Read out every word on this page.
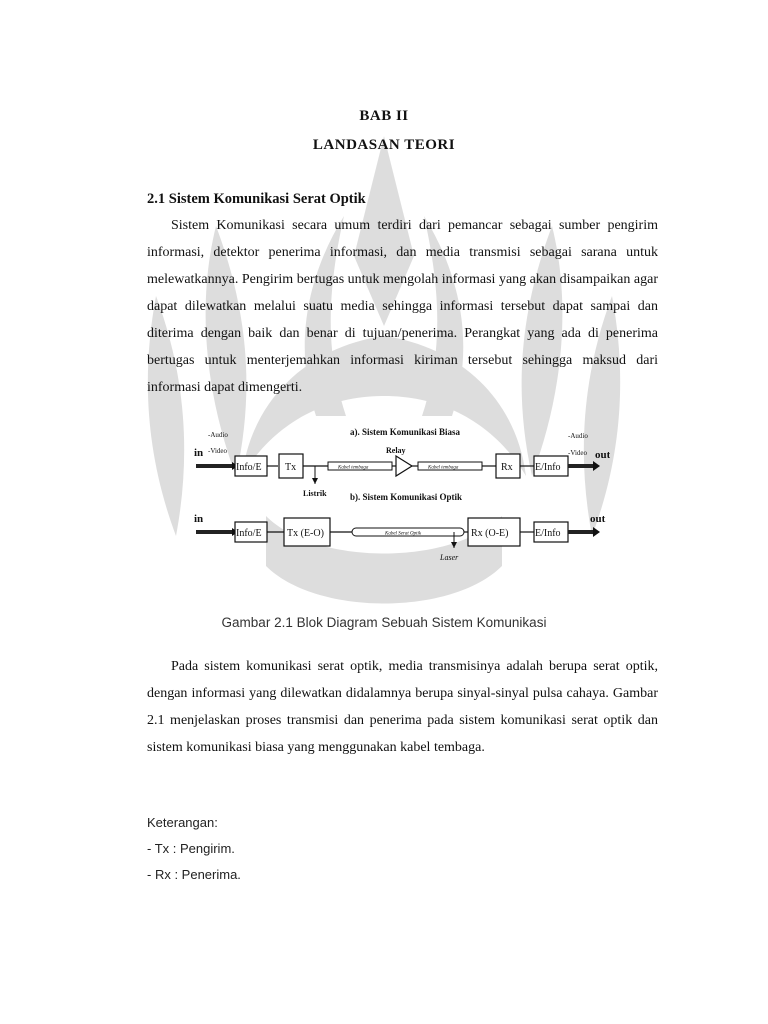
BAB II
LANDASAN TEORI
2.1 Sistem Komunikasi Serat Optik

Sistem Komunikasi secara umum terdiri dari pemancar sebagai sumber pengirim informasi, detektor penerima informasi, dan media transmisi sebagai sarana untuk melewatkannya. Pengirim bertugas untuk mengolah informasi yang akan disampaikan agar dapat dilewatkan melalui suatu media sehingga informasi tersebut dapat sampai dan diterima dengan baik dan benar di tujuan/penerima. Perangkat yang ada di penerima bertugas untuk menterjemahkan informasi kiriman tersebut sehingga maksud dari informasi dapat dimengerti.

a). Sistem Komunikasi Biasa
-Audio
-Video
in
Info/E Tx	Kabel tembaga
Relay
Kabel tembaga	Rx E/Info
-Audio
-Video out
Listrik	b). Sistem Komunikasi Optik
in
Info/E	Tx (E-O)	Kabel Serat Optik	Rx (O-E)	E/Info
out
Laser
Gambar 2.1 Blok Diagram Sebuah Sistem Komunikasi

Pada sistem komunikasi serat optik, media transmisinya adalah berupa serat optik, dengan informasi yang dilewatkan didalamnya berupa sinyal-sinyal pulsa cahaya. Gambar 2.1 menjelaskan proses transmisi dan penerima pada sistem komunikasi serat optik dan sistem komunikasi biasa yang menggunakan kabel tembaga.

Keterangan:
- Tx : Pengirim.
- Rx : Penerima.
